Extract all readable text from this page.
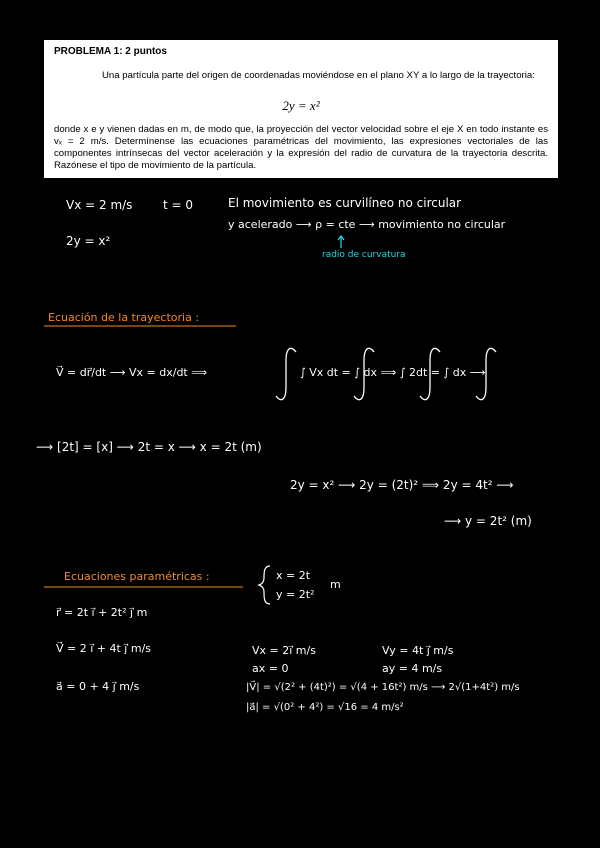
PROBLEMA 1: 2 puntos
Una partícula parte del origen de coordenadas moviéndose en el plano XY a lo largo de la trayectoria:
2y = x²
donde x e y vienen dadas en m, de modo que, la proyección del vector velocidad sobre el eje X en todo instante es vₓ = 2 m/s. Determínense las ecuaciones paramétricas del movimiento, las expresiones vectoriales de las componentes intrínsecas del vector aceleración y la expresión del radio de curvatura de la trayectoria descrita. Razónese el tipo de movimiento de la partícula.
Vx = 2 m/s	t = 0
2y = x²
El movimiento es curvilíneo no circular
y acelerado ⟶ ρ = cte ⟶ movimiento no circular
radio de curvatura
Ecuación de la trayectoria :
V⃗ = dr⃗/dt ⟶ Vx = dx/dt ⟹	∫ Vx dt = ∫ dx ⟹ ∫ 2dt = ∫ dx ⟶
⟶ [2t] = [x] ⟶ 2t = x ⟶ x = 2t (m)
2y = x² ⟶ 2y = (2t)² ⟹ 2y = 4t² ⟶
⟶ y = 2t² (m)
Ecuaciones paramétricas :	x = 2t
y = 2t²
m
r⃗ = 2t i⃗ + 2t² j⃗ m
V⃗ = 2 i⃗ + 4t j⃗ m/s
a⃗ = 0 + 4 j⃗ m/s
Vx = 2i⃗ m/s	Vy = 4t j⃗ m/s
ax = 0	ay = 4 m/s
|V⃗| = √(2² + (4t)²) = √(4 + 16t²) m/s ⟶ 2√(1+4t²) m/s
|a⃗| = √(0² + 4²) = √16 = 4 m/s²
